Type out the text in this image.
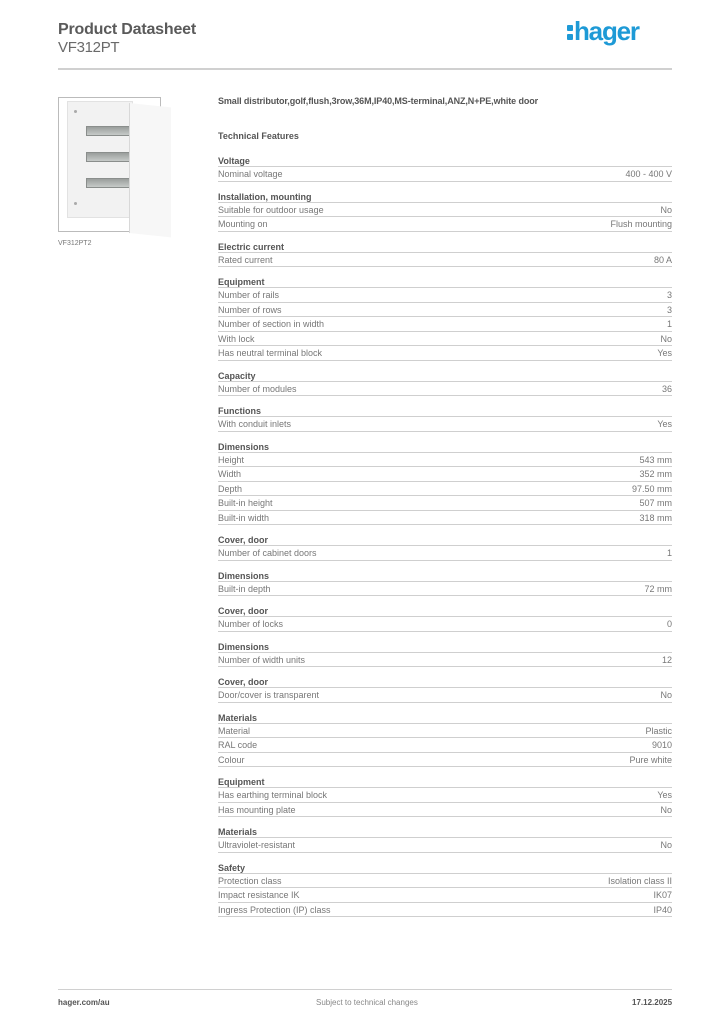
Product Datasheet
VF312PT
hager
VF312PT2
Small distributor,golf,flush,3row,36M,IP40,MS-terminal,ANZ,N+PE,white door
Technical Features
Voltage
Nominal voltage	400 - 400 V
Installation, mounting
Suitable for outdoor usage	No
Mounting on	Flush mounting
Electric current
Rated current	80 A
Equipment
Number of rails	3
Number of rows	3
Number of section in width	1
With lock	No
Has neutral terminal block	Yes
Capacity
Number of modules	36
Functions
With conduit inlets	Yes
Dimensions
Height	543 mm
Width	352 mm
Depth	97.50 mm
Built-in height	507 mm
Built-in width	318 mm
Cover, door
Number of cabinet doors	1
Dimensions
Built-in depth	72 mm
Cover, door
Number of locks	0
Dimensions
Number of width units	12
Cover, door
Door/cover is transparent	No
Materials
Material	Plastic
RAL code	9010
Colour	Pure white
Equipment
Has earthing terminal block	Yes
Has mounting plate	No
Materials
Ultraviolet-resistant	No
Safety
Protection class	Isolation class II
Impact resistance IK	IK07
Ingress Protection (IP) class	IP40
hager.com/au	Subject to technical changes	17.12.2025
